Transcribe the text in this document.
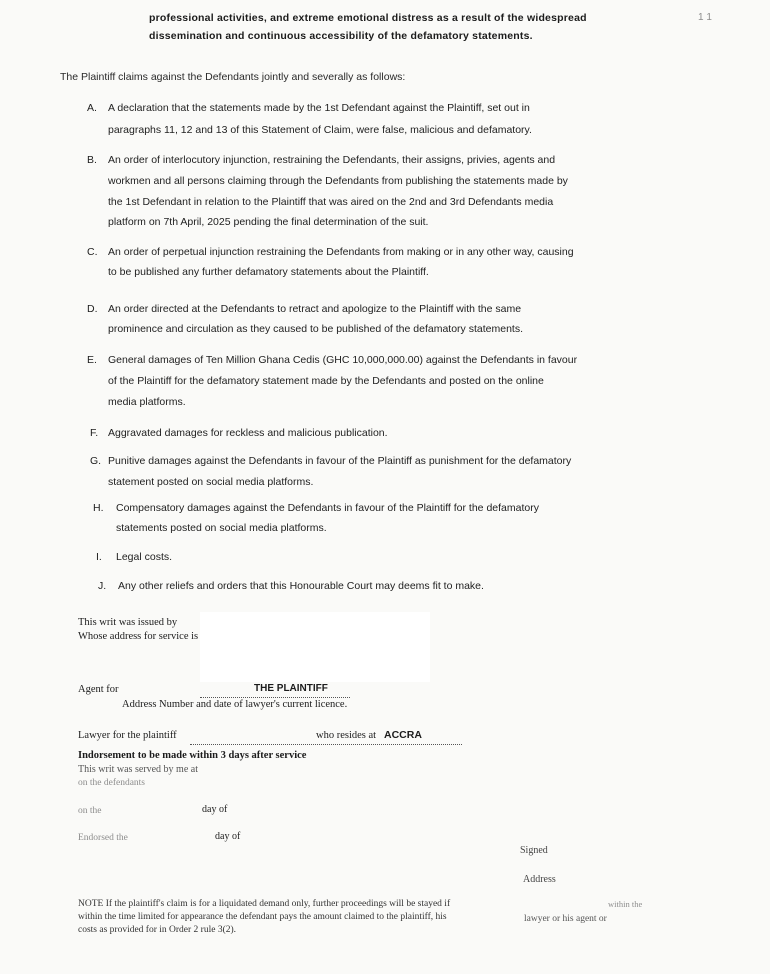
professional activities, and extreme emotional distress as a result of the widespread
dissemination and continuous accessibility of the defamatory statements.
1 1
The Plaintiff claims against the Defendants jointly and severally as follows:
A.	A declaration that the statements made by the 1st Defendant against the Plaintiff, set out in
paragraphs 11, 12 and 13 of this Statement of Claim, were false, malicious and defamatory.
B.	An order of interlocutory injunction, restraining the Defendants, their assigns, privies, agents and
workmen and all persons claiming through the Defendants from publishing the statements made by
the 1st Defendant in relation to the Plaintiff that was aired on the 2nd and 3rd Defendants media
platform on 7th April, 2025 pending the final determination of the suit.
C.	An order of perpetual injunction restraining the Defendants from making or in any other way, causing
to be published any further defamatory statements about the Plaintiff.
D.	An order directed at the Defendants to retract and apologize to the Plaintiff with the same
prominence and circulation as they caused to be published of the defamatory statements.
E.	General damages of Ten Million Ghana Cedis (GHC 10,000,000.00) against the Defendants in favour
of the Plaintiff for the defamatory statement made by the Defendants and posted on the online
media platforms.
F. Aggravated damages for reckless and malicious publication.
G. Punitive damages against the Defendants in favour of the Plaintiff as punishment for the defamatory
statement posted on social media platforms.
H.	Compensatory damages against the Defendants in favour of the Plaintiff for the defamatory
statements posted on social media platforms.
I.	Legal costs.
J.	Any other reliefs and orders that this Honourable Court may deems fit to make.
This writ was issued by
Whose address for service is
Agent for	THE PLAINTIFF
Address Number and date of lawyer's current licence.
Lawyer for the plaintiff	who resides at ACCRA
Indorsement to be made within 3 days after service
This writ was served by me at
on the defendants
on the	day of
Endorsed the	day of
Signed
Address
NOTE If the plaintiff's claim is for a liquidated demand only, further proceedings will be stayed if
within the time limited for appearance the defendant pays the amount claimed to the plaintiff, his
costs as provided for in Order 2 rule 3(2).
within the
lawyer or his agent or
